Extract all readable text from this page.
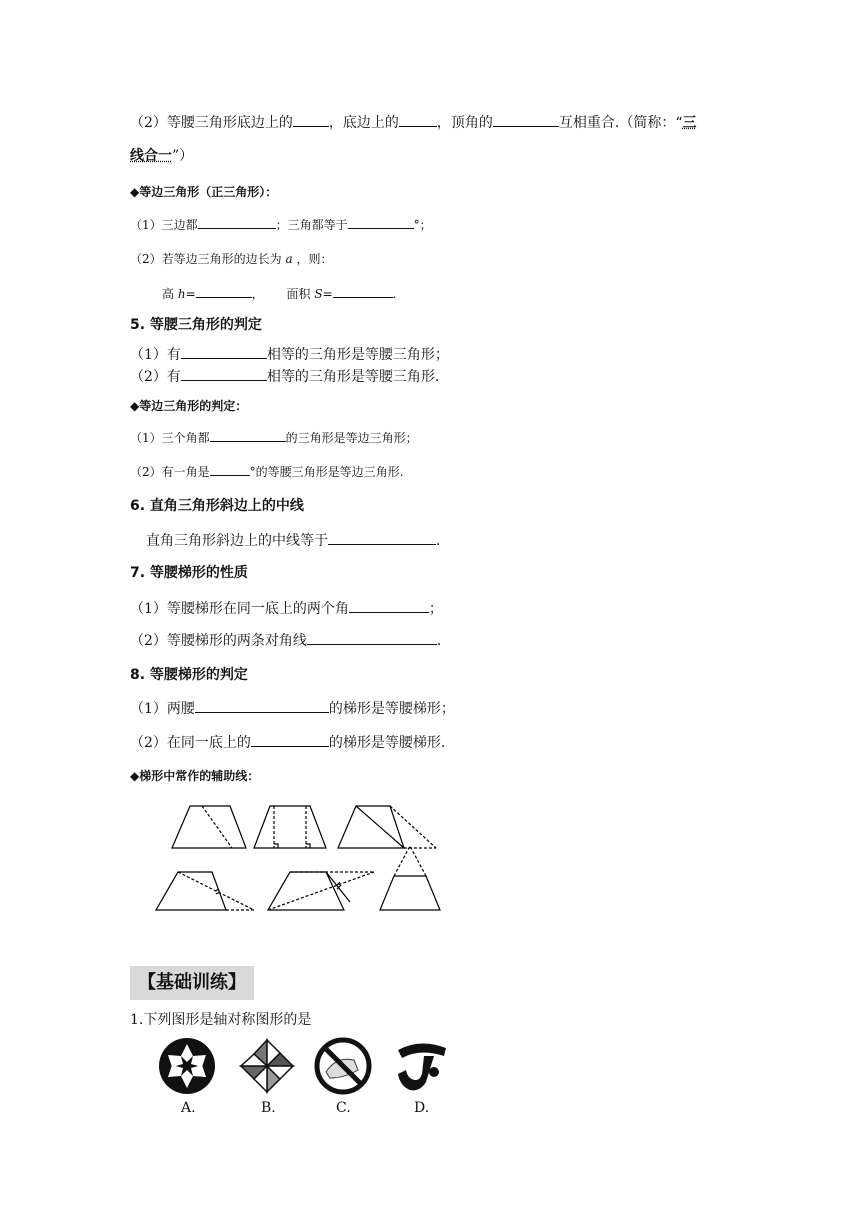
（2）等腰三角形底边上的	，底边上的	，顶角的	互相重合.（简称：“三
线合一”）
◆等边三角形（正三角形）：
（1）三边都	；三角都等于	°；
（2）若等边三角形的边长为 a ，则：
高 h=	， 面积 S=	.
5. 等腰三角形的判定
（1）有	相等的三角形是等腰三角形；
（2）有	相等的三角形是等腰三角形.
◆等边三角形的判定：
（1）三个角都	的三角形是等边三角形；
（2）有一角是	°的等腰三角形是等边三角形.
6. 直角三角形斜边上的中线
直角三角形斜边上的中线等于	.
7. 等腰梯形的性质
（1）等腰梯形在同一底上的两个角	；
（2）等腰梯形的两条对角线	.
8. 等腰梯形的判定
（1）两腰	的梯形是等腰梯形；
（2）在同一底上的	的梯形是等腰梯形.
◆梯形中常作的辅助线：
【基础训练】
1.下列图形是轴对称图形的是
A.	B.	C.	D.
